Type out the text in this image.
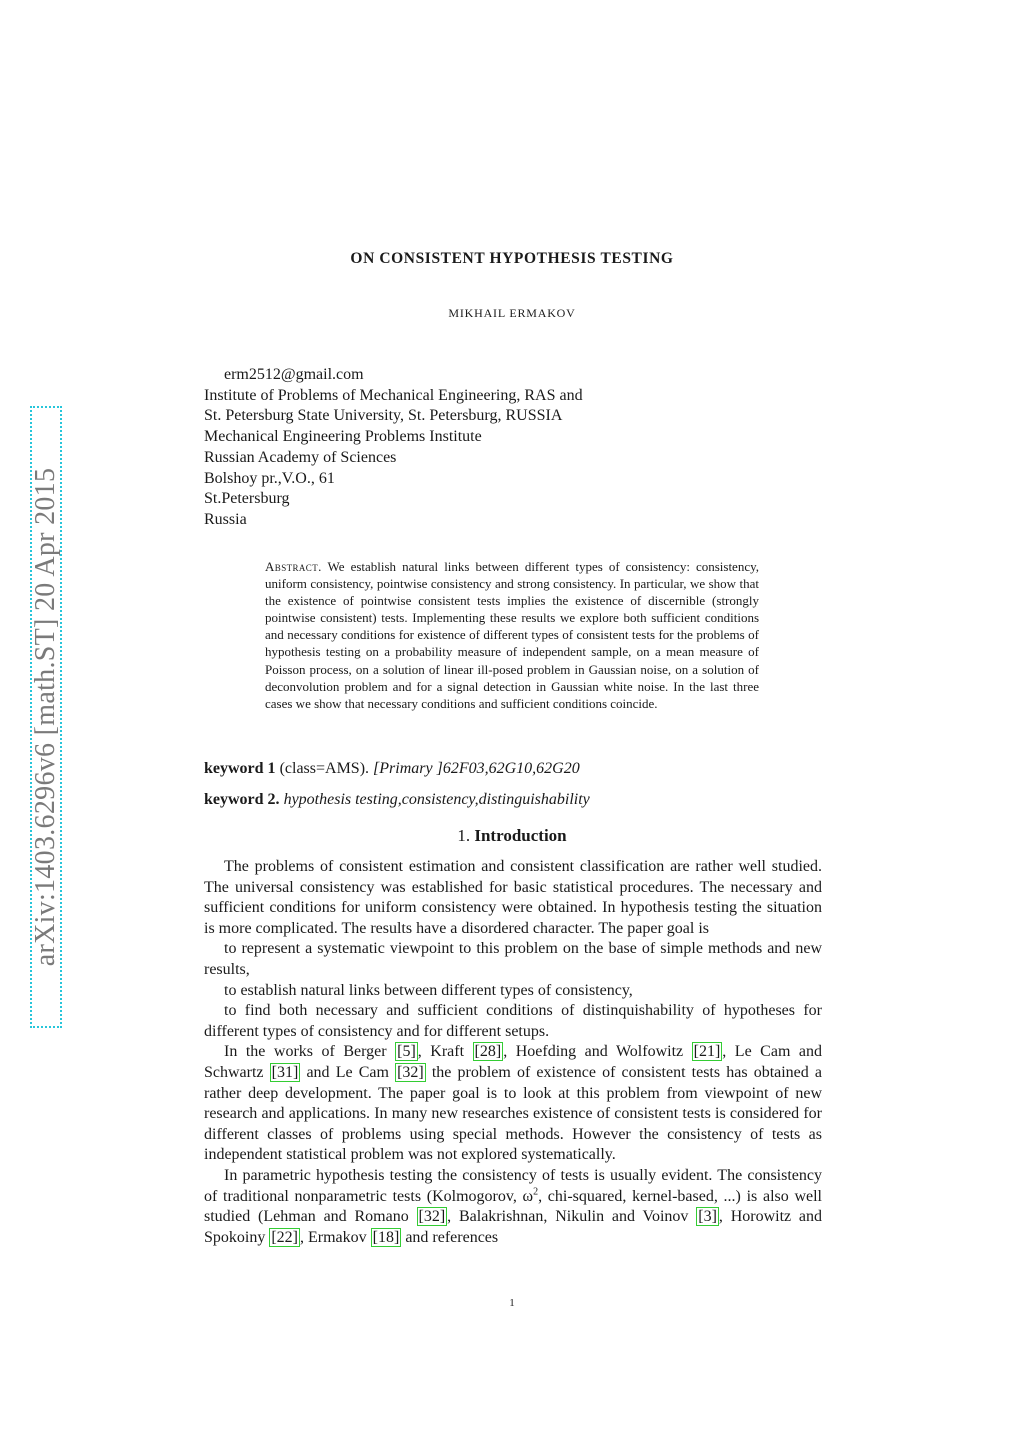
arXiv:1403.6296v6 [math.ST] 20 Apr 2015
ON CONSISTENT HYPOTHESIS TESTING
MIKHAIL ERMAKOV
erm2512@gmail.com
Institute of Problems of Mechanical Engineering, RAS and
St. Petersburg State University, St. Petersburg, RUSSIA
Mechanical Engineering Problems Institute
Russian Academy of Sciences
Bolshoy pr.,V.O., 61
St.Petersburg
Russia
Abstract. We establish natural links between different types of consistency: consistency, uniform consistency, pointwise consistency and strong consistency. In particular, we show that the existence of pointwise consistent tests implies the existence of discernible (strongly pointwise consistent) tests. Implementing these results we explore both sufficient conditions and necessary conditions for existence of different types of consistent tests for the problems of hypothesis testing on a probability measure of independent sample, on a mean measure of Poisson process, on a solution of linear ill-posed problem in Gaussian noise, on a solution of deconvolution problem and for a signal detection in Gaussian white noise. In the last three cases we show that necessary conditions and sufficient conditions coincide.
keyword 1 (class=AMS). [Primary ]62F03,62G10,62G20
keyword 2. hypothesis testing,consistency,distinguishability
1. Introduction

The problems of consistent estimation and consistent classification are rather well studied. The universal consistency was established for basic statistical procedures. The necessary and sufficient conditions for uniform consistency were obtained. In hypothesis testing the situation is more complicated. The results have a disordered character. The paper goal is

to represent a systematic viewpoint to this problem on the base of simple methods and new results,

to establish natural links between different types of consistency,

to find both necessary and sufficient conditions of distinquishability of hypotheses for different types of consistency and for different setups.

In the works of Berger [5] , Kraft [28] , Hoefding and Wolfowitz [21] , Le Cam and Schwartz [31] and Le Cam [32] the problem of existence of consistent tests has obtained a rather deep development. The paper goal is to look at this problem from viewpoint of new research and applications. In many new researches existence of consistent tests is considered for different classes of problems using special methods. However the consistency of tests as independent statistical problem was not explored systematically.

In parametric hypothesis testing the consistency of tests is usually evident. The consistency of traditional nonparametric tests (Kolmogorov, $\omega^2$, chi-squared, kernel-based, ...) is also well studied (Lehman and Romano [32] , Balakrishnan, Nikulin and Voinov [3] , Horowitz and Spokoiny [22] , Ermakov [18] and references

1
